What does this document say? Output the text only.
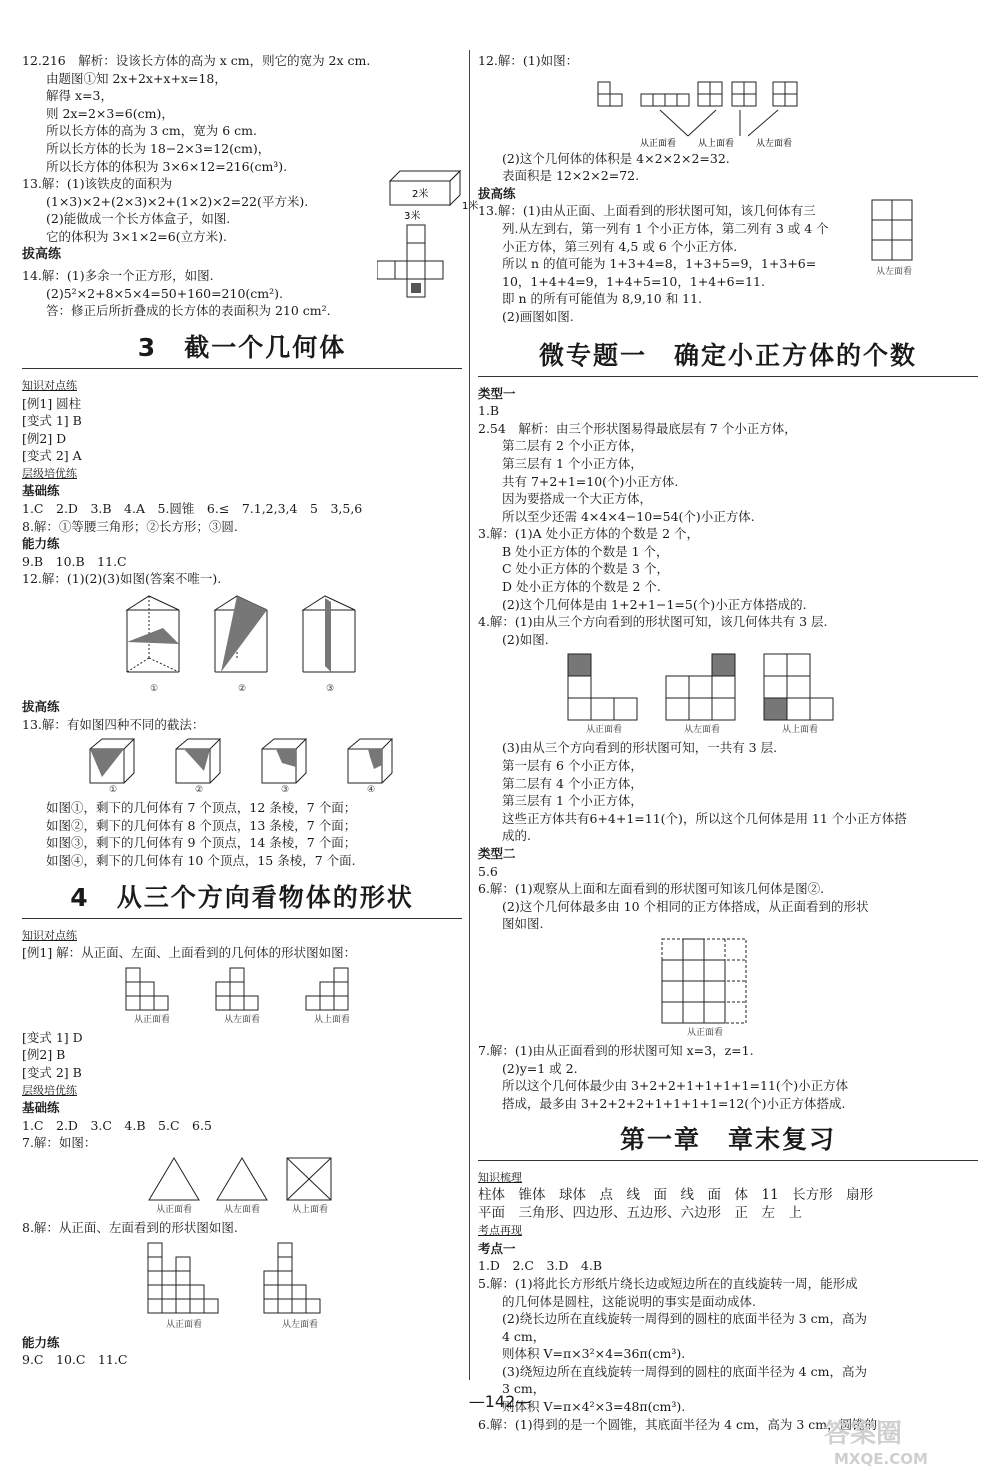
12.216　解析：设该长方体的高为 x cm，则它的宽为 2x cm.
由题图①知 2x+2x+x+x=18，
解得 x=3，
则 2x=2×3=6(cm)，
所以长方体的高为 3 cm，宽为 6 cm.
所以长方体的长为 18−2×3=12(cm)，
所以长方体的体积为 3×6×12=216(cm³).
13.解：(1)该铁皮的面积为
(1×3)×2+(2×3)×2+(1×2)×2=22(平方米).
(2)能做成一个长方体盒子，如图.
它的体积为 3×1×2=6(立方米).
2米
3米
1米
拔高练
14.解：(1)多余一个正方形，如图.
(2)5²×2+8×5×4=50+160=210(cm²).
答：修正后所折叠成的长方体的表面积为 210 cm².
3　截一个几何体
知识对点练
[例1] 圆柱
[变式 1] B
[例2] D
[变式 2] A
层级培优练
基础练
1.C　2.D　3.B　4.A　5.圆锥　6.≤　7.1,2,3,4　5　3,5,6
8.解：①等腰三角形；②长方形；③圆.
能力练
9.B　10.B　11.C
12.解：(1)(2)(3)如图(答案不唯一).
①	②	③
拔高练
13.解：有如图四种不同的截法：
①	②	③	④
如图①，剩下的几何体有 7 个顶点，12 条棱，7 个面；
如图②，剩下的几何体有 8 个顶点，13 条棱，7 个面；
如图③，剩下的几何体有 9 个顶点，14 条棱，7 个面；
如图④，剩下的几何体有 10 个顶点，15 条棱，7 个面.
4　从三个方向看物体的形状
知识对点练
[例1] 解：从正面、左面、上面看到的几何体的形状图如图：
从正面看	从左面看	从上面看
[变式 1] D
[例2] B
[变式 2] B
层级培优练
基础练
1.C　2.D　3.C　4.B　5.C　6.5
7.解：如图：
从正面看	从左面看	从上面看
8.解：从正面、左面看到的形状图如图.
从正面看	从左面看
能力练
9.C　10.C　11.C
12.解：(1)如图：
从正面看 从上面看 从左面看
(2)这个几何体的体积是 4×2×2×2=32.
表面积是 12×2×2=72.
拔高练
13.解：(1)由从正面、上面看到的形状图可知，该几何体有三
列.从左到右，第一列有 1 个小正方体，第二列有 3 或 4 个
小正方体，第三列有 4,5 或 6 个小正方体.
所以 n 的值可能为 1+3+4=8，1+3+5=9，1+3+6=
10，1+4+4=9，1+4+5=10，1+4+6=11.
即 n 的所有可能值为 8,9,10 和 11.
(2)画图如图.
从左面看
微专题一　确定小正方体的个数
类型一
1.B
2.54　解析：由三个形状图易得最底层有 7 个小正方体，
第二层有 2 个小正方体，
第三层有 1 个小正方体，
共有 7+2+1=10(个)小正方体.
因为要搭成一个大正方体，
所以至少还需 4×4×4−10=54(个)小正方体.
3.解：(1)A 处小正方体的个数是 2 个，
B 处小正方体的个数是 1 个，
C 处小正方体的个数是 3 个，
D 处小正方体的个数是 2 个.
(2)这个几何体是由 1+2+1−1=5(个)小正方体搭成的.
4.解：(1)由从三个方向看到的形状图可知，该几何体共有 3 层.
(2)如图.
从正面看	从左面看	从上面看
(3)由从三个方向看到的形状图可知，一共有 3 层.
第一层有 6 个小正方体，
第二层有 4 个小正方体，
第三层有 1 个小正方体，
这些正方体共有6+4+1=11(个)，所以这个几何体是用 11 个小正方体搭
成的.
类型二
5.6
6.解：(1)观察从上面和左面看到的形状图可知该几何体是图②.
(2)这个几何体最多由 10 个相同的正方体搭成，从正面看到的形状
图如图.
从正面看
7.解：(1)由从正面看到的形状图可知 x=3，z=1.
(2)y=1 或 2.
所以这个几何体最少由 3+2+2+1+1+1+1=11(个)小正方体
搭成，最多由 3+2+2+2+1+1+1+1=12(个)小正方体搭成.
第一章　章末复习
知识梳理
柱体　锥体　球体　点　线　面　线　面　体　11　长方形　扇形
平面　三角形、四边形、五边形、六边形　正　左　上
考点再现
考点一
1.D　2.C　3.D　4.B
5.解：(1)将此长方形纸片绕长边或短边所在的直线旋转一周，能形成
的几何体是圆柱，这能说明的事实是面动成体.
(2)绕长边所在直线旋转一周得到的圆柱的底面半径为 3 cm，高为
4 cm，
则体积 V=π×3²×4=36π(cm³).
(3)绕短边所在直线旋转一周得到的圆柱的底面半径为 4 cm，高为
3 cm，
则体积 V=π×4²×3=48π(cm³).
6.解：(1)得到的是一个圆锥，其底面半径为 4 cm，高为 3 cm，圆锥的
—142—
答案圈
MXQE.COM
